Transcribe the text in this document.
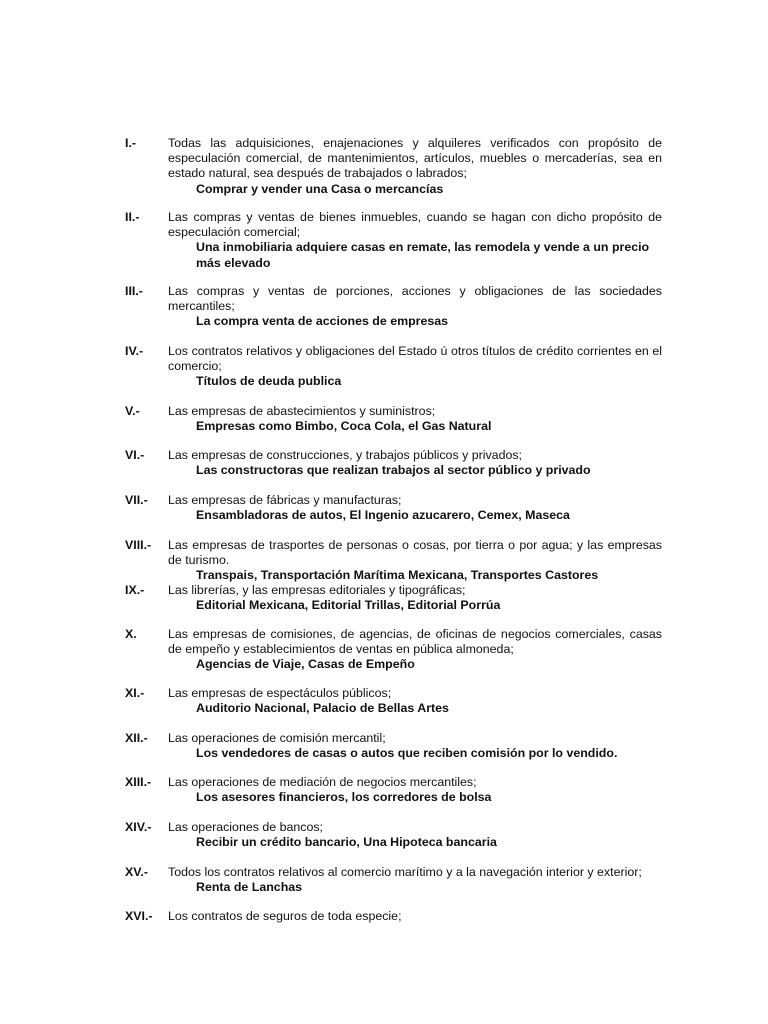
I.-	Todas las adquisiciones, enajenaciones y alquileres verificados con propósito de especulación comercial, de mantenimientos, artículos, muebles o mercaderías, sea en estado natural, sea después de trabajados o labrados;
Comprar y vender una Casa o mercancías
II.- Las compras y ventas de bienes inmuebles, cuando se hagan con dicho propósito de especulación comercial;
Una inmobiliaria adquiere casas en remate, las remodela y vende a un precio más elevado
III.- Las compras y ventas de porciones, acciones y obligaciones de las sociedades mercantiles;
La compra venta de acciones de empresas
IV.- Los contratos relativos y obligaciones del Estado ú otros títulos de crédito corrientes en el comercio;
Títulos de deuda publica
V.- Las empresas de abastecimientos y suministros;
Empresas como Bimbo, Coca Cola, el Gas Natural
VI.- Las empresas de construcciones, y trabajos públicos y privados;
Las constructoras que realizan trabajos al sector público y privado
VII.- Las empresas de fábricas y manufacturas;
Ensambladoras de autos, El Ingenio azucarero, Cemex, Maseca
VIII.- Las empresas de trasportes de personas o cosas, por tierra o por agua; y las empresas de turismo.
Transpais, Transportación Marítima Mexicana, Transportes Castores
IX.- Las librerías, y las empresas editoriales y tipográficas;
Editorial Mexicana, Editorial Trillas, Editorial Porrúa
X.	Las empresas de comisiones, de agencias, de oficinas de negocios comerciales, casas de empeño y establecimientos de ventas en pública almoneda;
Agencias de Viaje, Casas de Empeño
XI.- Las empresas de espectáculos públicos;
Auditorio Nacional, Palacio de Bellas Artes
XII.- Las operaciones de comisión mercantil;
Los vendedores de casas o autos que reciben comisión por lo vendido.
XIII.- Las operaciones de mediación de negocios mercantiles;
Los asesores financieros, los corredores de bolsa
XIV.- Las operaciones de bancos;
Recibir un crédito bancario, Una Hipoteca bancaria
XV.- Todos los contratos relativos al comercio marítimo y a la navegación interior y exterior;
Renta de Lanchas
XVI.- Los contratos de seguros de toda especie;
